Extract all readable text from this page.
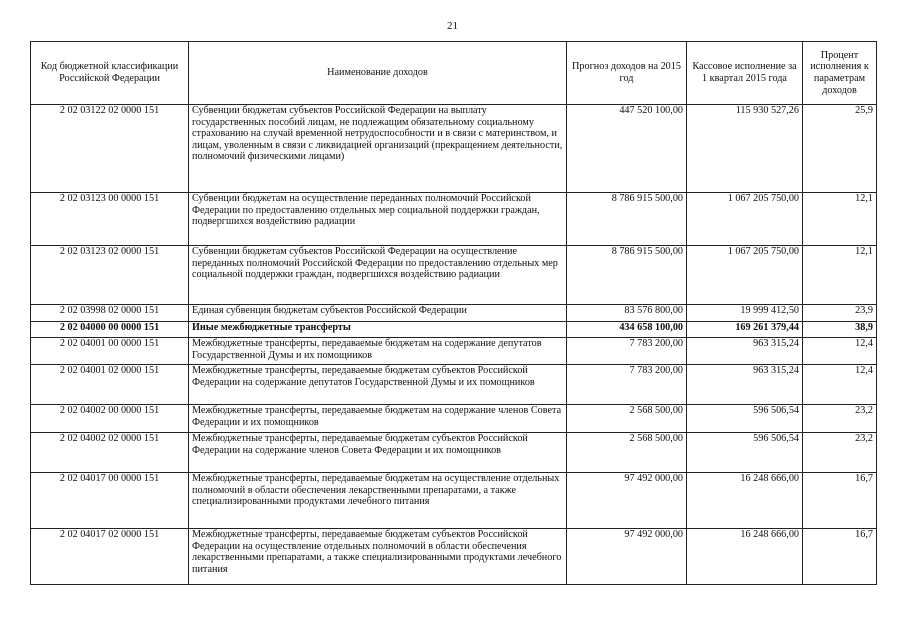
21
Код бюджетной классификации Российской Федерации	Наименование доходов	Прогноз доходов на 2015 год	Кассовое исполнение за 1 квартал 2015 года	Процент исполнения к параметрам доходов
2 02 03122 02 0000 151	Субвенции бюджетам субъектов Российской Федерации на выплату государственных пособий лицам, не подлежащим обязательному социальному страхованию на случай временной нетрудоспособности и в связи с материнством, и лицам, уволенным в связи с ликвидацией организаций (прекращением деятельности, полномочий физическими лицами)	447 520 100,00	115 930 527,26	25,9
2 02 03123 00 0000 151	Субвенции бюджетам на осуществление переданных полномочий Российской Федерации по предоставлению отдельных мер социальной поддержки граждан, подвергшихся воздействию радиации	8 786 915 500,00	1 067 205 750,00	12,1
2 02 03123 02 0000 151	Субвенции бюджетам субъектов Российской Федерации на осуществление переданных полномочий Российской Федерации по предоставлению отдельных мер социальной поддержки граждан, подвергшихся воздействию радиации	8 786 915 500,00	1 067 205 750,00	12,1
2 02 03998 02 0000 151	Единая субвенция бюджетам субъектов Российской Федерации	83 576 800,00	19 999 412,50	23,9
2 02 04000 00 0000 151	Иные межбюджетные трансферты	434 658 100,00	169 261 379,44	38,9
2 02 04001 00 0000 151	Межбюджетные трансферты, передаваемые бюджетам на содержание депутатов Государственной Думы и их помощников	7 783 200,00	963 315,24	12,4
2 02 04001 02 0000 151	Межбюджетные трансферты, передаваемые бюджетам субъектов Российской Федерации на содержание депутатов Государственной Думы и их помощников	7 783 200,00	963 315,24	12,4
2 02 04002 00 0000 151	Межбюджетные трансферты, передаваемые бюджетам на содержание членов Совета Федерации и их помощников	2 568 500,00	596 506,54	23,2
2 02 04002 02 0000 151	Межбюджетные трансферты, передаваемые бюджетам субъектов Российской Федерации на содержание членов Совета Федерации и их помощников	2 568 500,00	596 506,54	23,2
2 02 04017 00 0000 151	Межбюджетные трансферты, передаваемые бюджетам на осуществление отдельных полномочий в области обеспечения лекарственными препаратами, а также специализированными продуктами лечебного питания	97 492 000,00	16 248 666,00	16,7
2 02 04017 02 0000 151	Межбюджетные трансферты, передаваемые бюджетам субъектов Российской Федерации на осуществление отдельных полномочий в области обеспечения лекарственными препаратами, а также специализированными продуктами лечебного питания	97 492 000,00	16 248 666,00	16,7
